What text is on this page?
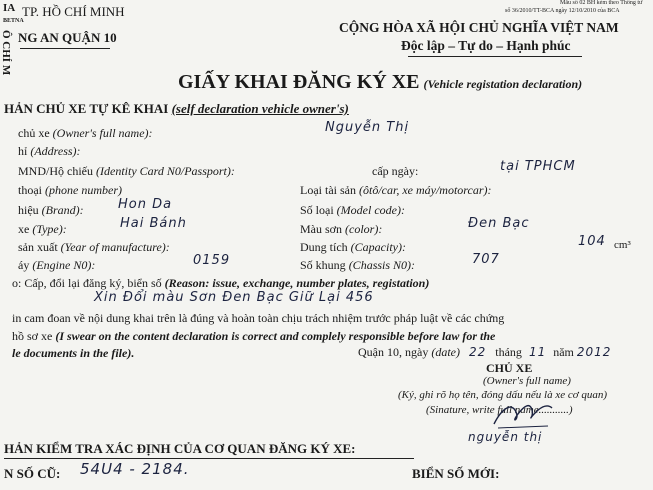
IA
BETNA
Ô CHÍ M
TP. HỒ CHÍ MINH
NG AN QUẬN 10
Mẫu số 02 BH kèm theo Thông tư
số 36/2010/TT-BCA ngày 12/10/2010 của BCA
CỘNG HÒA XÃ HỘI CHỦ NGHĨA VIỆT NAM
Độc lập – Tự do – Hạnh phúc
GIẤY KHAI ĐĂNG KÝ XE (Vehicle registation declaration)
HẢN CHỦ XE TỰ KÊ KHAI (self declaration vehicle owner's)
chủ xe (Owner's full name):	Nguyễn Thị
hỉ (Address):
MND/Hộ chiếu (Identity Card N0/Passport):	cấp ngày:	tại TPHCM
thoại (phone number)	Loại tài sản (ôtô/car, xe máy/motorcar):
hiệu (Brand):	Hon Da	Số loại (Model code):
xe (Type):	Hai Bánh	Màu sơn (color):	Đen Bạc
sản xuất (Year of manufacture):	Dung tích (Capacity):	104 cm³
áy (Engine N0):	0159	Số khung (Chassis N0):	707
o: Cấp, đổi lại đăng ký, biển số (Reason: issue, exchange, number plates, registation)
Xin Đổi màu Sơn Đen Bạc Giữ Lại 456
in cam đoan về nội dung khai trên là đúng và hoàn toàn chịu trách nhiệm trước pháp luật về các chứng
hồ sơ xe (I swear on the content declaration is correct and complely responsible before law for the
le documents in the file).	Quận 10, ngày (date) 22 tháng 11 năm 2012
CHỦ XE
(Owner's full name)
(Ký, ghi rõ họ tên, đóng dấu nếu là xe cơ quan)
(Sinature, write full name...........)
nguyễn thị
HẢN KIỂM TRA XÁC ĐỊNH CỦA CƠ QUAN ĐĂNG KÝ XE:
N SỐ CŨ: 54U4 - 2184.	BIỂN SỐ MỚI:
